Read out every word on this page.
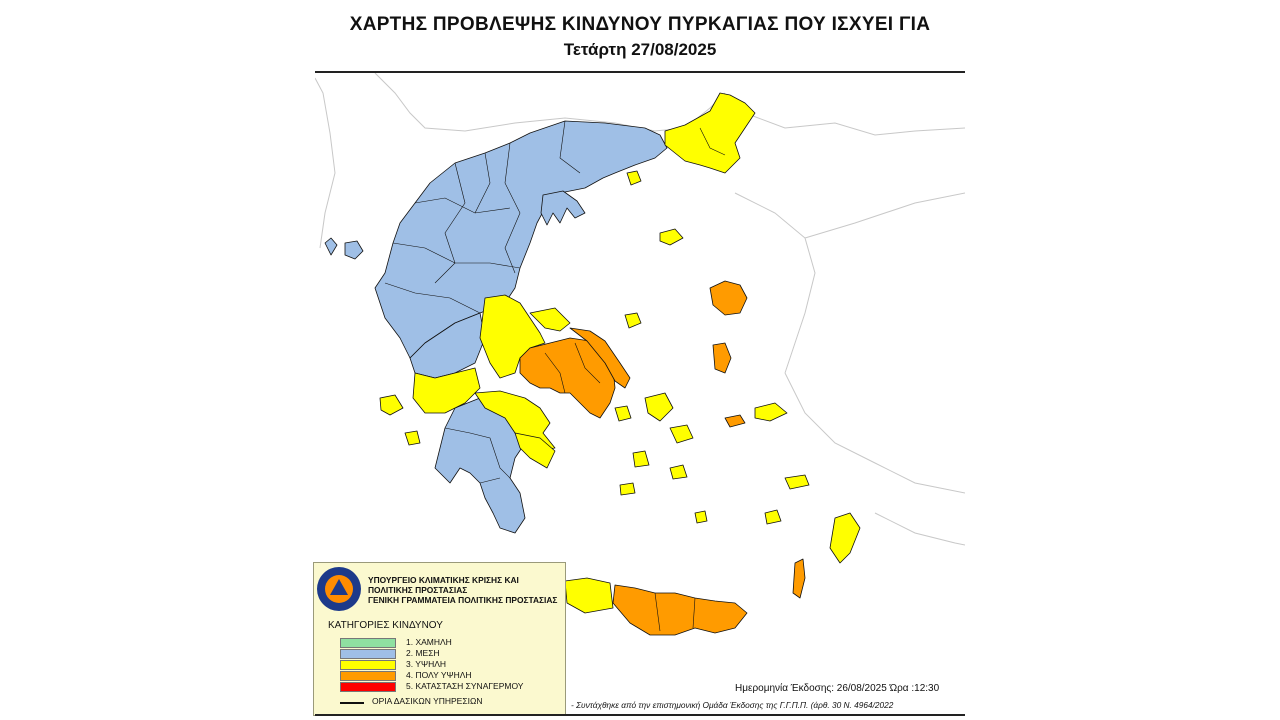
ΧΑΡΤΗΣ ΠΡΟΒΛΕΨΗΣ ΚΙΝΔΥΝΟΥ ΠΥΡΚΑΓΙΑΣ ΠΟΥ ΙΣΧΥΕΙ ΓΙΑ
Τετάρτη 27/08/2025
ΥΠΟΥΡΓΕΙΟ ΚΛΙΜΑΤΙΚΗΣ ΚΡΙΣΗΣ ΚΑΙ
ΠΟΛΙΤΙΚΗΣ ΠΡΟΣΤΑΣΙΑΣ
ΓΕΝΙΚΗ ΓΡΑΜΜΑΤΕΙΑ ΠΟΛΙΤΙΚΗΣ ΠΡΟΣΤΑΣΙΑΣ
ΚΑΤΗΓΟΡΙΕΣ ΚΙΝΔΥΝΟΥ
1. ΧΑΜΗΛΗ
2. ΜΕΣΗ
3. ΥΨΗΛΗ
4. ΠΟΛΥ ΥΨΗΛΗ
5. ΚΑΤΑΣΤΑΣΗ ΣΥΝΑΓΕΡΜΟΥ
ΟΡΙΑ ΔΑΣΙΚΩΝ ΥΠΗΡΕΣΙΩΝ
Ημερομηνία Έκδοσης: 26/08/2025 Ώρα :12:30
- Συντάχθηκε από την επιστημονική Ομάδα Έκδοσης της Γ.Γ.Π.Π. (άρθ. 30 Ν. 4964/2022
